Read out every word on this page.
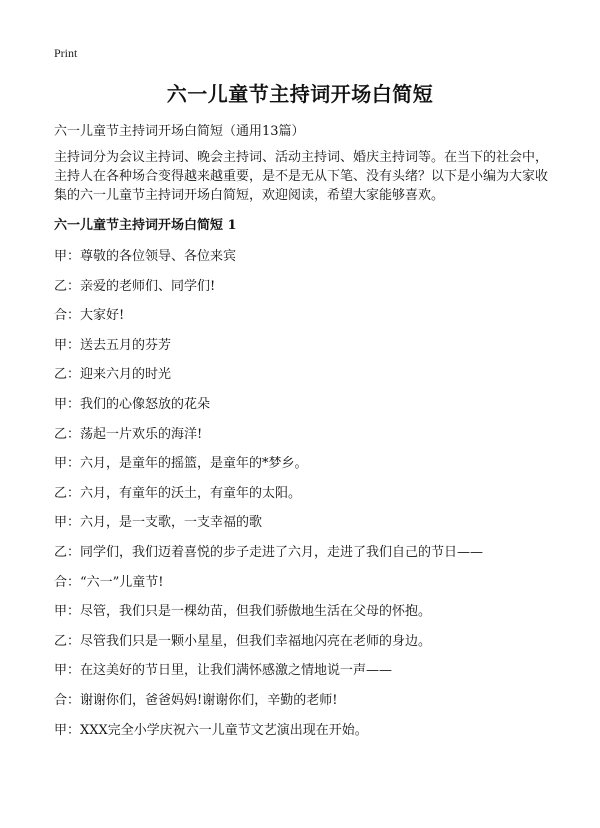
Print
六一儿童节主持词开场白简短
六一儿童节主持词开场白简短（通用13篇）
主持词分为会议主持词、晚会主持词、活动主持词、婚庆主持词等。在当下的社会中，主持人在各种场合变得越来越重要，是不是无从下笔、没有头绪？以下是小编为大家收集的六一儿童节主持词开场白简短，欢迎阅读，希望大家能够喜欢。
六一儿童节主持词开场白简短 1
甲：尊敬的各位领导、各位来宾
乙：亲爱的老师们、同学们!
合：大家好!
甲：送去五月的芬芳
乙：迎来六月的时光
甲：我们的心像怒放的花朵
乙：荡起一片欢乐的海洋!
甲：六月，是童年的摇篮，是童年的*梦乡。
乙：六月，有童年的沃土，有童年的太阳。
甲：六月，是一支歌，一支幸福的歌
乙：同学们，我们迈着喜悦的步子走进了六月，走进了我们自己的节日——
合：“六一”儿童节!
甲：尽管，我们只是一棵幼苗，但我们骄傲地生活在父母的怀抱。
乙：尽管我们只是一颗小星星，但我们幸福地闪亮在老师的身边。
甲：在这美好的节日里，让我们满怀感激之情地说一声——
合：谢谢你们，爸爸妈妈!谢谢你们，辛勤的老师!
甲：XXX完全小学庆祝六一儿童节文艺演出现在开始。
